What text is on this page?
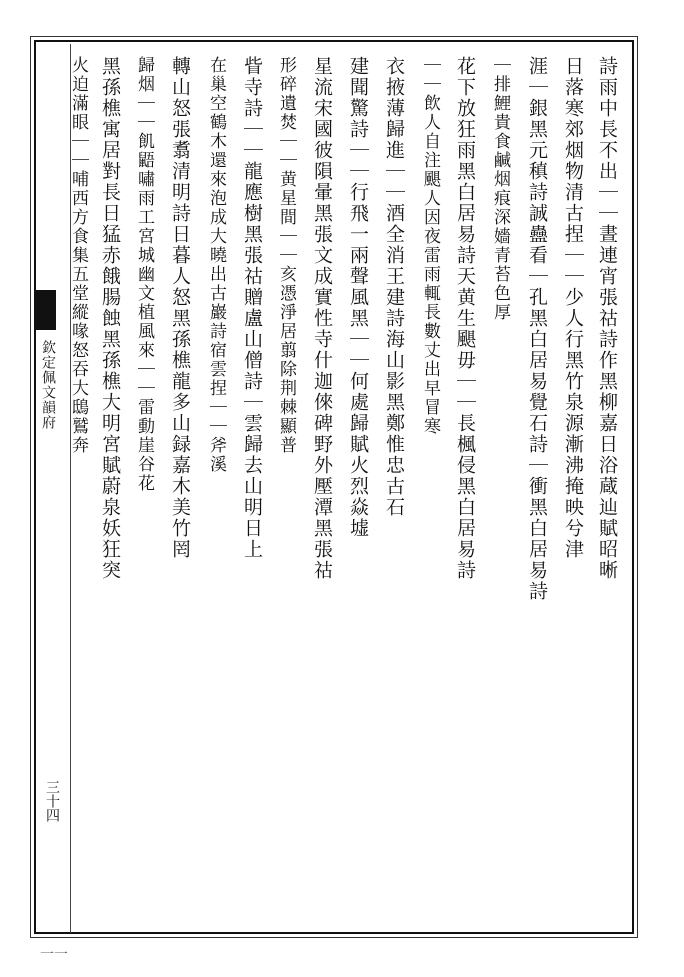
欽定佩文韻府
三十四
一一
詩雨中長不出｜｜晝連宵張祜詩作黑柳嘉日浴蔵辿賦昭晰
日落寒郊烟物清古捏｜｜少人行黑竹泉源漸沸掩映兮津
涯｜銀黑元稹詩誠蠱看｜孔黑白居易覺石詩｜衝黑白居易詩
｜排鯉貴食鹹烟痕深嬙青苔色厚
花下放狂雨黑白居易詩天黄生颶毋｜｜長楓侵黑白居易詩
｜｜飲人自注颶人因夜雷雨輒長數丈出早冒寒
衣掖薄歸進｜｜酒全消王建詩海山影黑鄭惟忠古石
建聞驚詩｜｜行飛一兩聲風黑｜｜何處歸賦火烈焱墟
星流宋國彼隕暈黑張文成實性寺什迦倈碑野外壓潭黑張祜
形碎遺焚｜｜黄星間｜｜亥憑淨居翦除荆棘顯普
眥寺詩｜｜龍應樹黑張祜贈盧山僧詩｜雲歸去山明日上
在巢空鶴木還來泡成大曉出古巖詩宿雲捏｜｜斧溪
轉山怒張翥清明詩日暮人怒黑孫樵龍多山録嘉木美竹罔
歸烟｜｜飢鼯嘯雨工宮城幽文植風來｜｜雷動崖谷花
黑孫樵寓居對長日猛赤餓腸蝕黑孫樵大明宮賦蔚泉妖狂突
火迫滿眼｜｜哺西方食集五堂縱喙怒吞大鴟鷲奔
